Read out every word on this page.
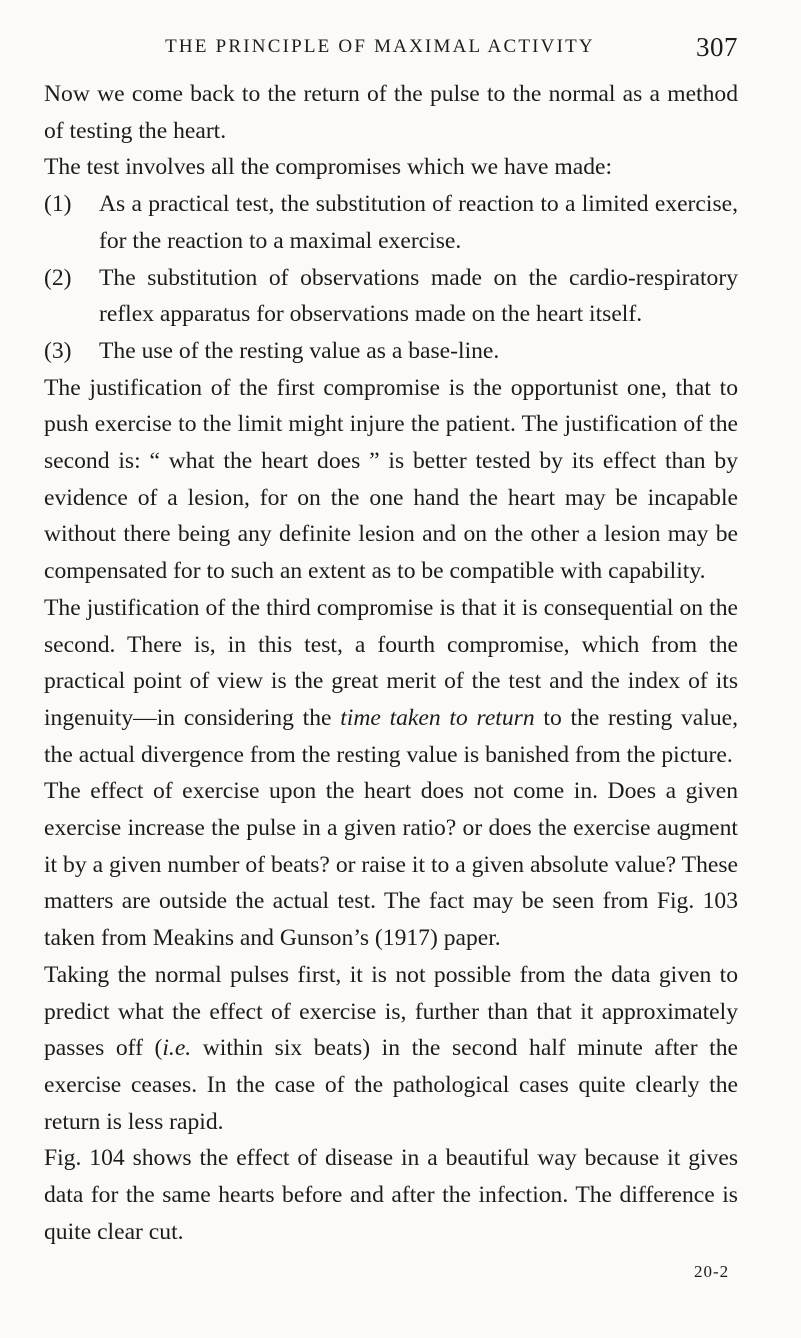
THE PRINCIPLE OF MAXIMAL ACTIVITY	307

Now we come back to the return of the pulse to the normal as a method of testing the heart.

The test involves all the compromises which we have made:

(1)	As a practical test, the substitution of reaction to a limited exercise, for the reaction to a maximal exercise.
(2)	The substitution of observations made on the cardio-respiratory reflex apparatus for observations made on the heart itself.
(3)	The use of the resting value as a base-line.

The justification of the first compromise is the opportunist one, that to push exercise to the limit might injure the patient. The justification of the second is: “ what the heart does ” is better tested by its effect than by evidence of a lesion, for on the one hand the heart may be incapable without there being any definite lesion and on the other a lesion may be compensated for to such an extent as to be compatible with capability.

The justification of the third compromise is that it is consequential on the second. There is, in this test, a fourth compromise, which from the practical point of view is the great merit of the test and the index of its ingenuity—in considering the time taken to return to the resting value, the actual divergence from the resting value is banished from the picture.

The effect of exercise upon the heart does not come in. Does a given exercise increase the pulse in a given ratio? or does the exercise augment it by a given number of beats? or raise it to a given absolute value? These matters are outside the actual test. The fact may be seen from Fig. 103 taken from Meakins and Gunson’s (1917) paper.

Taking the normal pulses first, it is not possible from the data given to predict what the effect of exercise is, further than that it approximately passes off (i.e. within six beats) in the second half minute after the exercise ceases. In the case of the pathological cases quite clearly the return is less rapid.

Fig. 104 shows the effect of disease in a beautiful way because it gives data for the same hearts before and after the infection. The difference is quite clear cut.

20-2
